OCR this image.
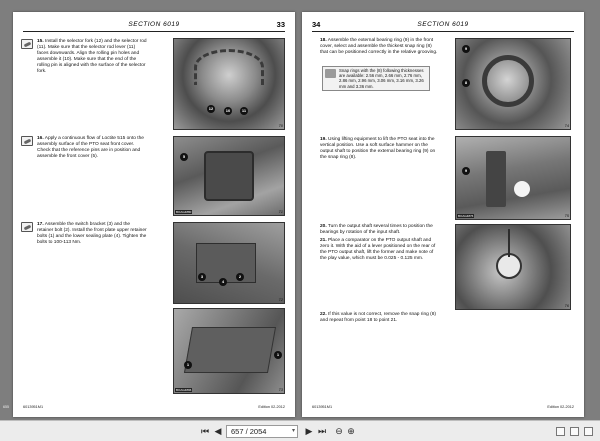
SECTION 6019	33
15. Install the selector fork (12) and the selector rod (11). Make sure that the selector rod lever (11) faces downwards. Align the rolling pin holes and assemble it (10). Make sure that the end of the rolling pin is aligned with the surface of the selector fork.
12	10	11
70
16. Apply a continuous flow of Loctite 515 onto the assembly surface of the PTO seat front cover. Check that the reference pins are in position and assemble the front cover (5).	5
BOAG4880	71
17. Assemble the switch bracket (3) and the retainer bolt (2). Install the front plate upper retainer bolts (1) and the lower sealing plate (4). Tighten the bolts to 100-113 Nm.
3	2
4
72
1
1
BOAG4896	73
6013951M1	Edition 02-2012
34	SECTION 6019
18. Assemble the external bearing ring (9) in the front cover, select and assemble the thickest snap ring (8) that can be positioned correctly in the relative grooving.
Snap rings with the (8) following thicknesses are available: 2.56 mm, 2.66 mm, 2.76 mm, 2.86 mm, 2.96 mm, 3.06 mm, 3.16 mm, 3.26 mm and 3.36 mm.
9
8
74
19. Using lifting equipment to lift the PTO seat into the vertical position. Use a soft surface hammer on the output shaft to position the external bearing ring (9) on the snap ring (8).
9
BOAG4876	75
20. Turn the output shaft several times to position the bearings by rotation of the input shaft.
21. Place a comparator on the PTO output shaft and zero it. With the aid of a lever positioned on the rear of the PTO output shaft, lift the former and make note of the play value, which must be 0.025 - 0.125 mm.
76
22. If this value is not correct, remove the snap ring (8) and repeat from point 18 to point 21.
6013951M1	Edition 02-2012
655
⏮ ◀	657 / 2054	▾ ▶ ⏭ ⊖ ⊕
